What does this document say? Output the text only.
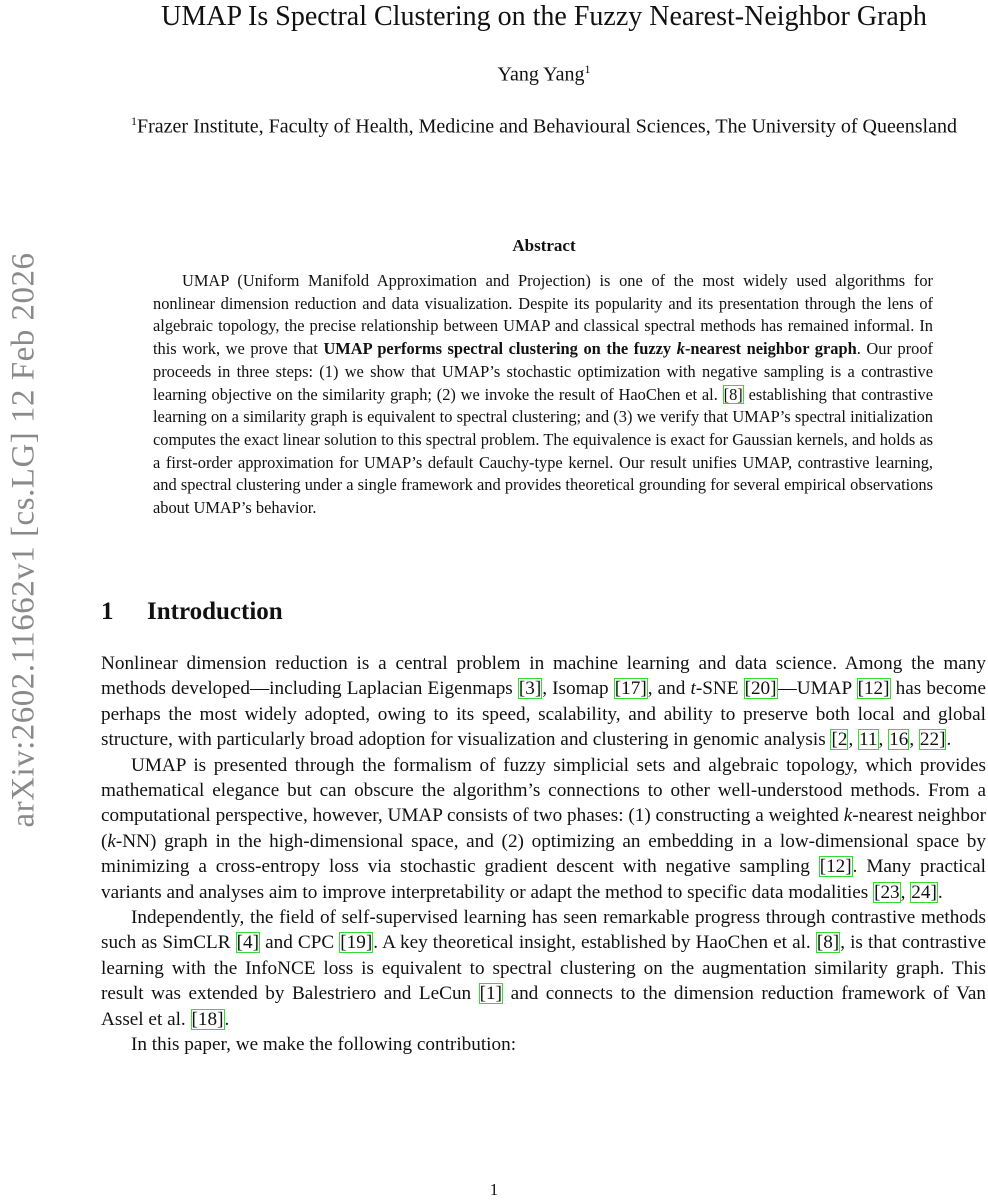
arXiv:2602.11662v1 [cs.LG] 12 Feb 2026
UMAP Is Spectral Clustering on the Fuzzy Nearest-Neighbor Graph
Yang Yang$^1$
$^1$Frazer Institute, Faculty of Health, Medicine and Behavioural Sciences, The University of Queensland
Abstract

UMAP (Uniform Manifold Approximation and Projection) is one of the most widely used algorithms for nonlinear dimension reduction and data visualization. Despite its popularity and its presentation through the lens of algebraic topology, the precise relationship between UMAP and classical spectral methods has remained informal. In this work, we prove that UMAP performs spectral clustering on the fuzzy k-nearest neighbor graph. Our proof proceeds in three steps: (1) we show that UMAP’s stochastic optimization with negative sampling is a contrastive learning objective on the similarity graph; (2) we invoke the result of HaoChen et al. [8] establishing that contrastive learning on a similarity graph is equivalent to spectral clustering; and (3) we verify that UMAP’s spectral initialization computes the exact linear solution to this spectral problem. The equivalence is exact for Gaussian kernels, and holds as a first-order approximation for UMAP’s default Cauchy-type kernel. Our result unifies UMAP, contrastive learning, and spectral clustering under a single framework and provides theoretical grounding for several empirical observations about UMAP’s behavior.

1 Introduction

Nonlinear dimension reduction is a central problem in machine learning and data science. Among the many methods developed—including Laplacian Eigenmaps [3], Isomap [17], and t-SNE [20]—UMAP [12] has become perhaps the most widely adopted, owing to its speed, scalability, and ability to preserve both local and global structure, with particularly broad adoption for visualization and clustering in genomic analysis [2, 11, 16, 22].

UMAP is presented through the formalism of fuzzy simplicial sets and algebraic topology, which provides mathematical elegance but can obscure the algorithm’s connections to other well-understood methods. From a computational perspective, however, UMAP consists of two phases: (1) constructing a weighted k-nearest neighbor (k-NN) graph in the high-dimensional space, and (2) optimizing an embedding in a low-dimensional space by minimizing a cross-entropy loss via stochastic gradient descent with negative sampling [12]. Many practical variants and analyses aim to improve interpretability or adapt the method to specific data modalities [23, 24].

Independently, the field of self-supervised learning has seen remarkable progress through contrastive methods such as SimCLR [4] and CPC [19]. A key theoretical insight, established by HaoChen et al. [8], is that contrastive learning with the InfoNCE loss is equivalent to spectral clustering on the augmentation similarity graph. This result was extended by Balestriero and LeCun [1] and connects to the dimension reduction framework of Van Assel et al. [18].

In this paper, we make the following contribution:

1
